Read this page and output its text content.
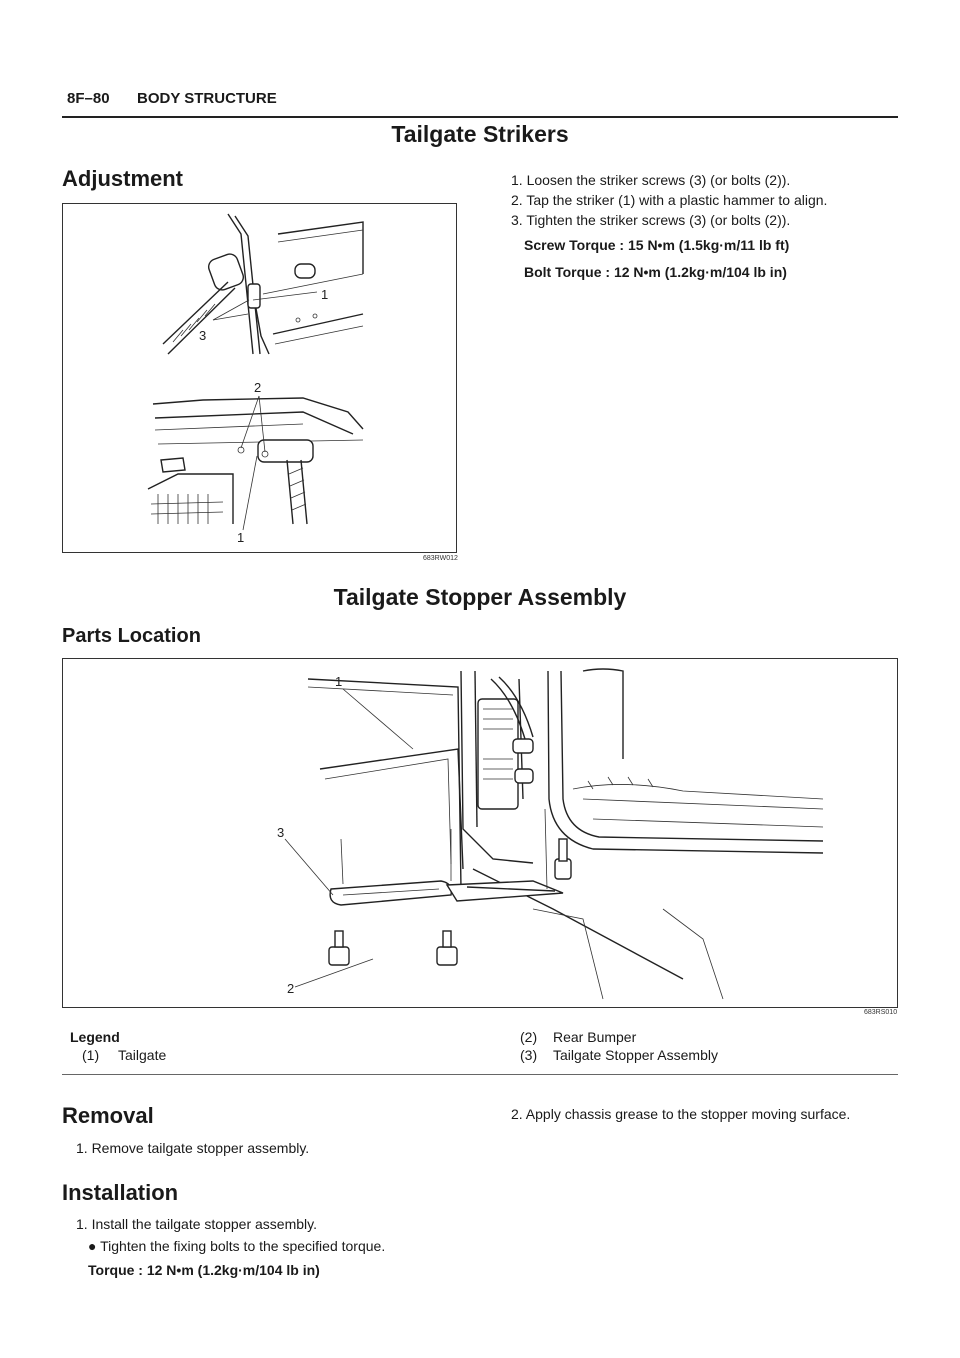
8F–80 BODY STRUCTURE
Tailgate Strikers
Adjustment
1
3
2
1
683RW012
1. Loosen the striker screws (3) (or bolts (2)).
2. Tap the striker (1) with a plastic hammer to align.
3. Tighten the striker screws (3) (or bolts (2)).
Screw Torque : 15 N•m (1.5kg·m/11 lb ft)
Bolt Torque : 12 N•m (1.2kg·m/104 lb in)
Tailgate Stopper Assembly
Parts Location
1
3
2
683RS010
Legend
(1) Tailgate
(2) Rear Bumper
(3) Tailgate Stopper Assembly
Removal
1. Remove tailgate stopper assembly.
2. Apply chassis grease to the stopper moving surface.
Installation
1. Install the tailgate stopper assembly.
● Tighten the fixing bolts to the specified torque.
Torque : 12 N•m (1.2kg·m/104 lb in)
